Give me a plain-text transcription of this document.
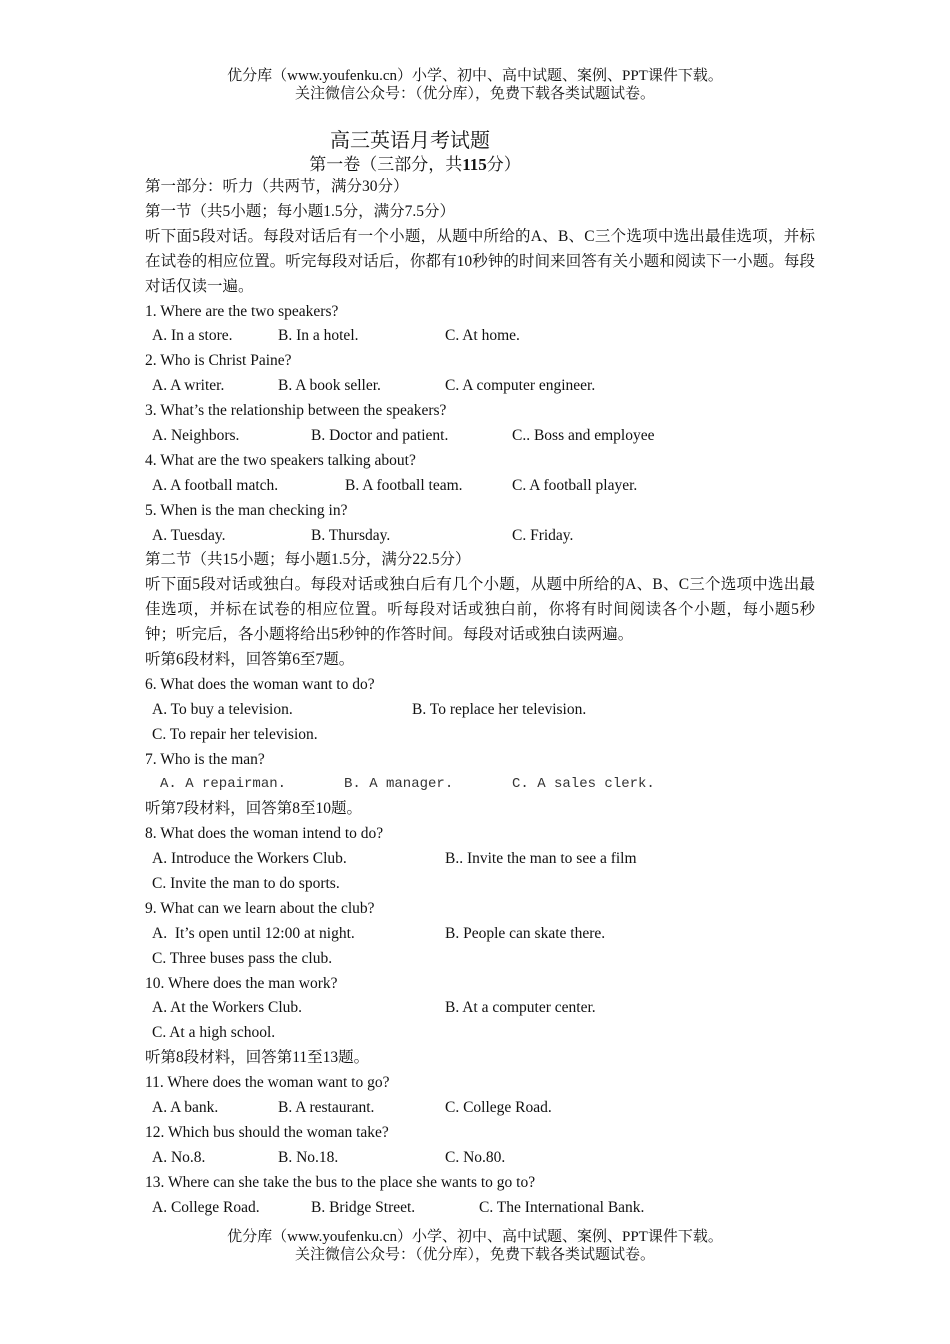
优分库（www.youfenku.cn）小学、初中、高中试题、案例、PPT课件下载。
关注微信公众号：（优分库），免费下载各类试题试卷。
高三英语月考试题
第一卷（三部分，共115分）
第一部分：听力（共两节，满分30分）
第一节（共5小题；每小题1.5分，满分7.5分）
听下面5段对话。每段对话后有一个小题，从题中所给的A、B、C三个选项中选出最佳选项，并标在试卷的相应位置。听完每段对话后，你都有10秒钟的时间来回答有关小题和阅读下一小题。每段对话仅读一遍。
1. Where are the two speakers?
A. In a store.	B. In a hotel.	C. At home.
2. Who is Christ Paine?
A. A writer.	B. A book seller.	C. A computer engineer.
3. What’s the relationship between the speakers?
A. Neighbors.	B. Doctor and patient.	C.. Boss and employee
4. What are the two speakers talking about?
A. A football match.	B. A football team.	C. A football player.
5. When is the man checking in?
A. Tuesday.	B. Thursday.	C. Friday.
第二节（共15小题；每小题1.5分，满分22.5分）
听下面5段对话或独白。每段对话或独白后有几个小题，从题中所给的A、B、C三个选项中选出最佳选项，并标在试卷的相应位置。听每段对话或独白前，你将有时间阅读各个小题，每小题5秒钟；听完后，各小题将给出5秒钟的作答时间。每段对话或独白读两遍。
听第6段材料，回答第6至7题。
6. What does the woman want to do?
A. To buy a television.	B. To replace her television.
C. To repair her television.
7. Who is the man?
A. A repairman.	B. A manager.	C. A sales clerk.
听第7段材料，回答第8至10题。
8. What does the woman intend to do?
A. Introduce the Workers Club.	B.. Invite the man to see a film
C. Invite the man to do sports.
9. What can we learn about the club?
A.  It’s open until 12:00 at night.	B. People can skate there.
C. Three buses pass the club.
10. Where does the man work?
A. At the Workers Club.	B. At a computer center.
C. At a high school.
听第8段材料，回答第11至13题。
11. Where does the woman want to go?
A. A bank.	B. A restaurant.	C. College Road.
12. Which bus should the woman take?
A. No.8.	B. No.18.	C. No.80.
13. Where can she take the bus to the place she wants to go to?
A. College Road.	B. Bridge Street.	C. The International Bank.
优分库（www.youfenku.cn）小学、初中、高中试题、案例、PPT课件下载。
关注微信公众号：（优分库），免费下载各类试题试卷。
